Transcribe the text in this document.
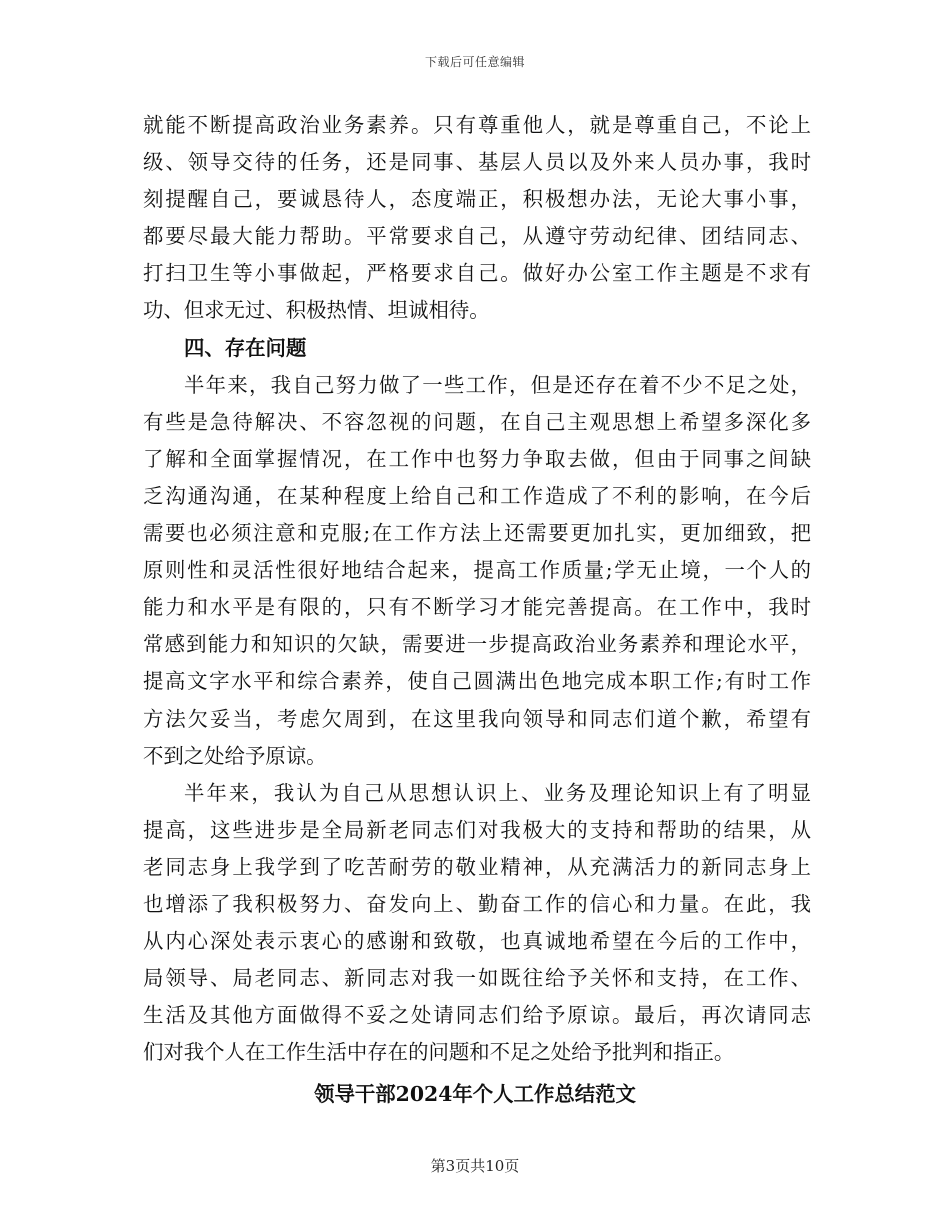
下载后可任意编辑
就能不断提高政治业务素养。只有尊重他人，就是尊重自己，不论上
级、领导交待的任务，还是同事、基层人员以及外来人员办事，我时
刻提醒自己，要诚恳待人，态度端正，积极想办法，无论大事小事，
都要尽最大能力帮助。平常要求自己，从遵守劳动纪律、团结同志、
打扫卫生等小事做起，严格要求自己。做好办公室工作主题是不求有
功、但求无过、积极热情、坦诚相待。
四、存在问题
半年来，我自己努力做了一些工作，但是还存在着不少不足之处，
有些是急待解决、不容忽视的问题，在自己主观思想上希望多深化多
了解和全面掌握情况，在工作中也努力争取去做，但由于同事之间缺
乏沟通沟通，在某种程度上给自己和工作造成了不利的影响，在今后
需要也必须注意和克服;在工作方法上还需要更加扎实，更加细致，把
原则性和灵活性很好地结合起来，提高工作质量;学无止境，一个人的
能力和水平是有限的，只有不断学习才能完善提高。在工作中，我时
常感到能力和知识的欠缺，需要进一步提高政治业务素养和理论水平，
提高文字水平和综合素养，使自己圆满出色地完成本职工作;有时工作
方法欠妥当，考虑欠周到，在这里我向领导和同志们道个歉，希望有
不到之处给予原谅。
半年来，我认为自己从思想认识上、业务及理论知识上有了明显
提高，这些进步是全局新老同志们对我极大的支持和帮助的结果，从
老同志身上我学到了吃苦耐劳的敬业精神，从充满活力的新同志身上
也增添了我积极努力、奋发向上、勤奋工作的信心和力量。在此，我
从内心深处表示衷心的感谢和致敬，也真诚地希望在今后的工作中，
局领导、局老同志、新同志对我一如既往给予关怀和支持，在工作、
生活及其他方面做得不妥之处请同志们给予原谅。最后，再次请同志
们对我个人在工作生活中存在的问题和不足之处给予批判和指正。
领导干部2024年个人工作总结范文
第3页共10页
